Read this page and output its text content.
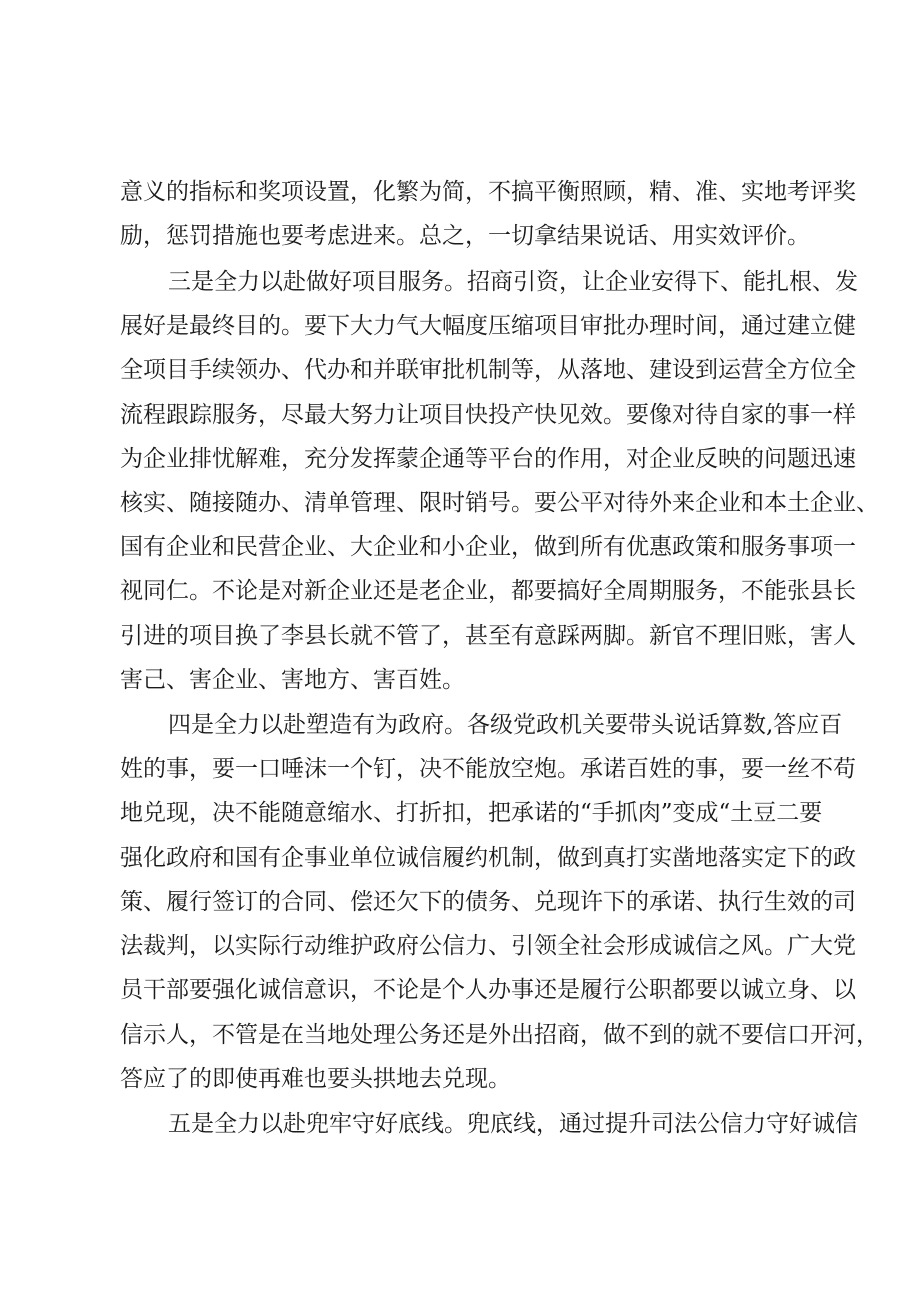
意义的指标和奖项设置，化繁为简，不搞平衡照顾，精、准、实地考评奖
励，惩罚措施也要考虑进来。总之，一切拿结果说话、用实效评价。
三是全力以赴做好项目服务。招商引资，让企业安得下、能扎根、发
展好是最终目的。要下大力气大幅度压缩项目审批办理时间，通过建立健
全项目手续领办、代办和并联审批机制等，从落地、建设到运营全方位全
流程跟踪服务，尽最大努力让项目快投产快见效。要像对待自家的事一样
为企业排忧解难，充分发挥蒙企通等平台的作用，对企业反映的问题迅速
核实、随接随办、清单管理、限时销号。要公平对待外来企业和本土企业、
国有企业和民营企业、大企业和小企业，做到所有优惠政策和服务事项一
视同仁。不论是对新企业还是老企业，都要搞好全周期服务，不能张县长
引进的项目换了李县长就不管了，甚至有意踩两脚。新官不理旧账，害人
害己、害企业、害地方、害百姓。
四是全力以赴塑造有为政府。各级党政机关要带头说话算数,答应百
姓的事，要一口唾沫一个钉，决不能放空炮。承诺百姓的事，要一丝不苟
地兑现，决不能随意缩水、打折扣，把承诺的“手抓肉”变成“土豆二要
强化政府和国有企事业单位诚信履约机制，做到真打实凿地落实定下的政
策、履行签订的合同、偿还欠下的债务、兑现许下的承诺、执行生效的司
法裁判，以实际行动维护政府公信力、引领全社会形成诚信之风。广大党
员干部要强化诚信意识，不论是个人办事还是履行公职都要以诚立身、以
信示人，不管是在当地处理公务还是外出招商，做不到的就不要信口开河，
答应了的即使再难也要头拱地去兑现。
五是全力以赴兜牢守好底线。兜底线，通过提升司法公信力守好诚信
